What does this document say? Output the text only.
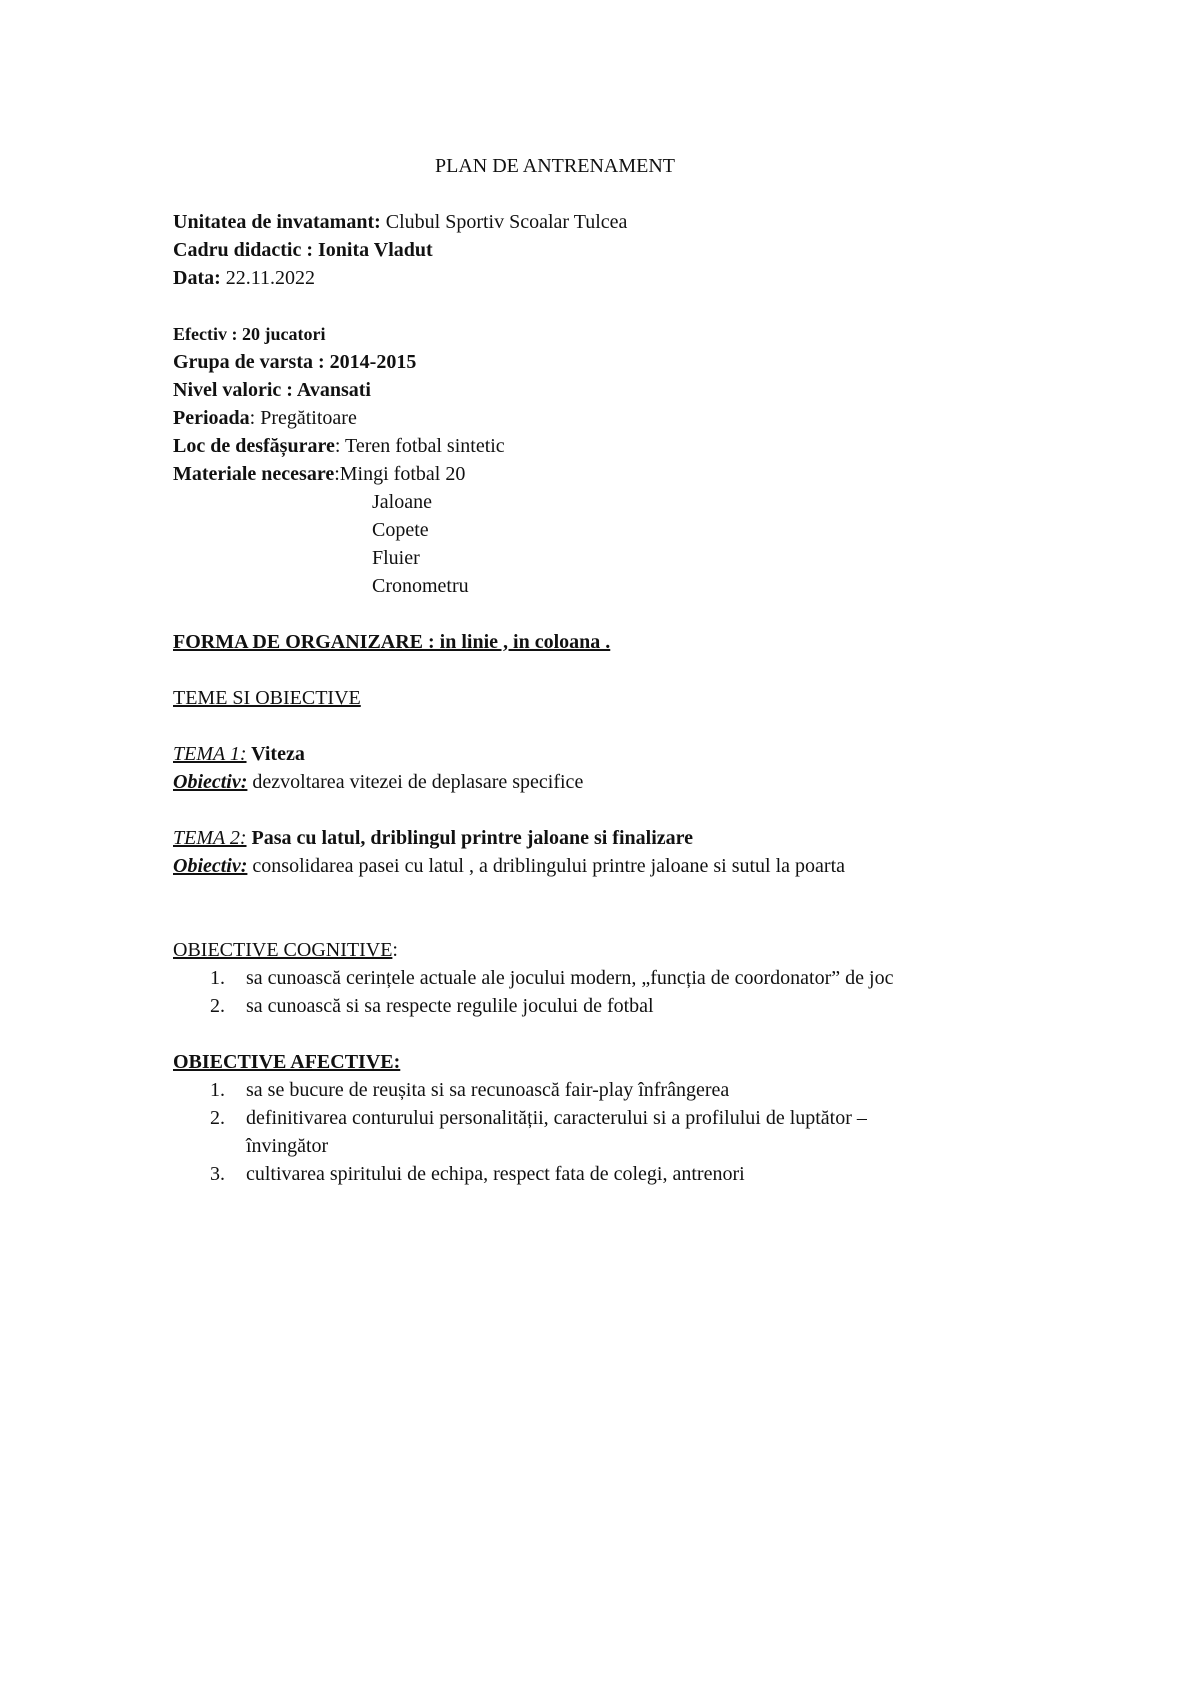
PLAN DE ANTRENAMENT
Unitatea de invatamant: Clubul Sportiv Scoalar Tulcea
Cadru didactic : Ionita Vladut
Data: 22.11.2022
Efectiv : 20 jucatori
Grupa de varsta : 2014-2015
Nivel valoric : Avansati
Perioada: Pregătitoare
Loc de desfășurare: Teren fotbal sintetic
Materiale necesare:Mingi fotbal 20
Jaloane
Copete
Fluier
Cronometru
FORMA DE ORGANIZARE : in linie , in coloana .
TEME SI OBIECTIVE
TEMA 1: Viteza
Obiectiv: dezvoltarea vitezei de deplasare specifice
TEMA 2: Pasa cu latul, driblingul printre jaloane si finalizare
Obiectiv: consolidarea pasei cu latul , a driblingului printre jaloane si sutul la poarta
OBIECTIVE COGNITIVE:
1. sa cunoască cerințele actuale ale jocului modern, „funcția de coordonator” de joc
2. sa cunoască si sa respecte regulile jocului de fotbal
OBIECTIVE AFECTIVE:
1. sa se bucure de reușita si sa recunoască fair-play înfrângerea
2. definitivarea conturului personalității, caracterului si a profilului de luptător –
învingător
3. cultivarea spiritului de echipa, respect fata de colegi, antrenori
